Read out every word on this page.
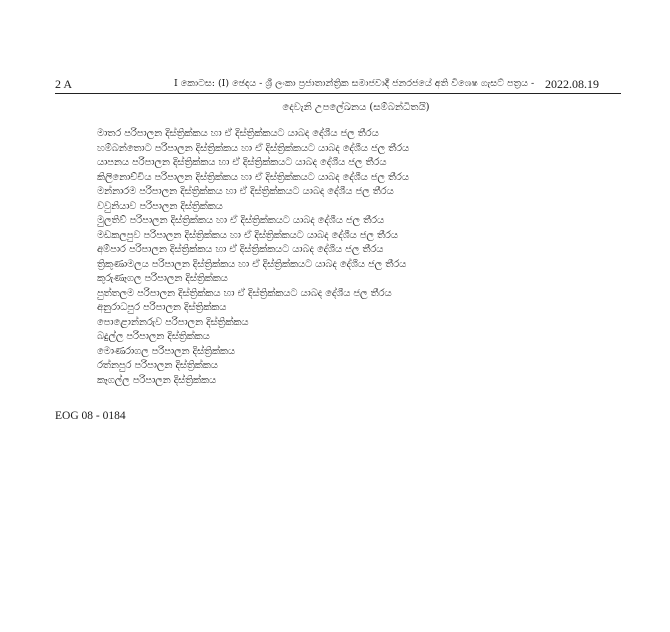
2 A	I කොටස: (I) ඡෙදය - ශ්‍රී ලංකා ප්‍රජාතාන්ත්‍රික සමාජවාදී ජනරජයේ අති විශෙෂ ගැසට් පත්‍රය - 2022.08.19
දෙවැනි උපලේඛනය (සම්බන්ධිතයි)
මාතර පරිපාලන දිස්ත්‍රික්කය හා ඒ දිස්ත්‍රික්කයට යාබද දේශීය ජල තීරය
හම්බන්තොට පරිපාලන දිස්ත්‍රික්කය හා ඒ දිස්ත්‍රික්කයට යාබද දේශීය ජල තීරය
යාපනය පරිපාලන දිස්ත්‍රික්කය හා ඒ දිස්ත්‍රික්කයට යාබද දේශීය ජල තීරය
කිලිනොච්චිය පරිපාලන දිස්ත්‍රික්කය හා ඒ දිස්ත්‍රික්කයට යාබද දේශීය ජල තීරය
මන්නාරම පරිපාලන දිස්ත්‍රික්කය හා ඒ දිස්ත්‍රික්කයට යාබද දේශීය ජල තීරය
වවුනියාව පරිපාලන දිස්ත්‍රික්කය
මුලතිව් පරිපාලන දිස්ත්‍රික්කය හා ඒ දිස්ත්‍රික්කයට යාබද දේශීය ජල තීරය
මඩකලපුව පරිපාලන දිස්ත්‍රික්කය හා ඒ දිස්ත්‍රික්කයට යාබද දේශීය ජල තීරය
අම්පාර පරිපාලන දිස්ත්‍රික්කය හා ඒ දිස්ත්‍රික්කයට යාබද දේශීය ජල තීරය
ත්‍රිකුණාමලය පරිපාලන දිස්ත්‍රික්කය හා ඒ දිස්ත්‍රික්කයට යාබද දේශීය ජල තීරය
කුරුණෑගල පරිපාලන දිස්ත්‍රික්කය
පුත්තලම පරිපාලන දිස්ත්‍රික්කය හා ඒ දිස්ත්‍රික්කයට යාබද දේශීය ජල තීරය
අනුරාධපුර පරිපාලන දිස්ත්‍රික්කය
පොළොන්නරුව පරිපාලන දිස්ත්‍රික්කය
බදුල්ල පරිපාලන දිස්ත්‍රික්කය
මොණරාගල පරිපාලන දිස්ත්‍රික්කය
රත්නපුර පරිපාලන දිස්ත්‍රික්කය
කෑගල්ල පරිපාලන දිස්ත්‍රික්කය
EOG 08 - 0184
